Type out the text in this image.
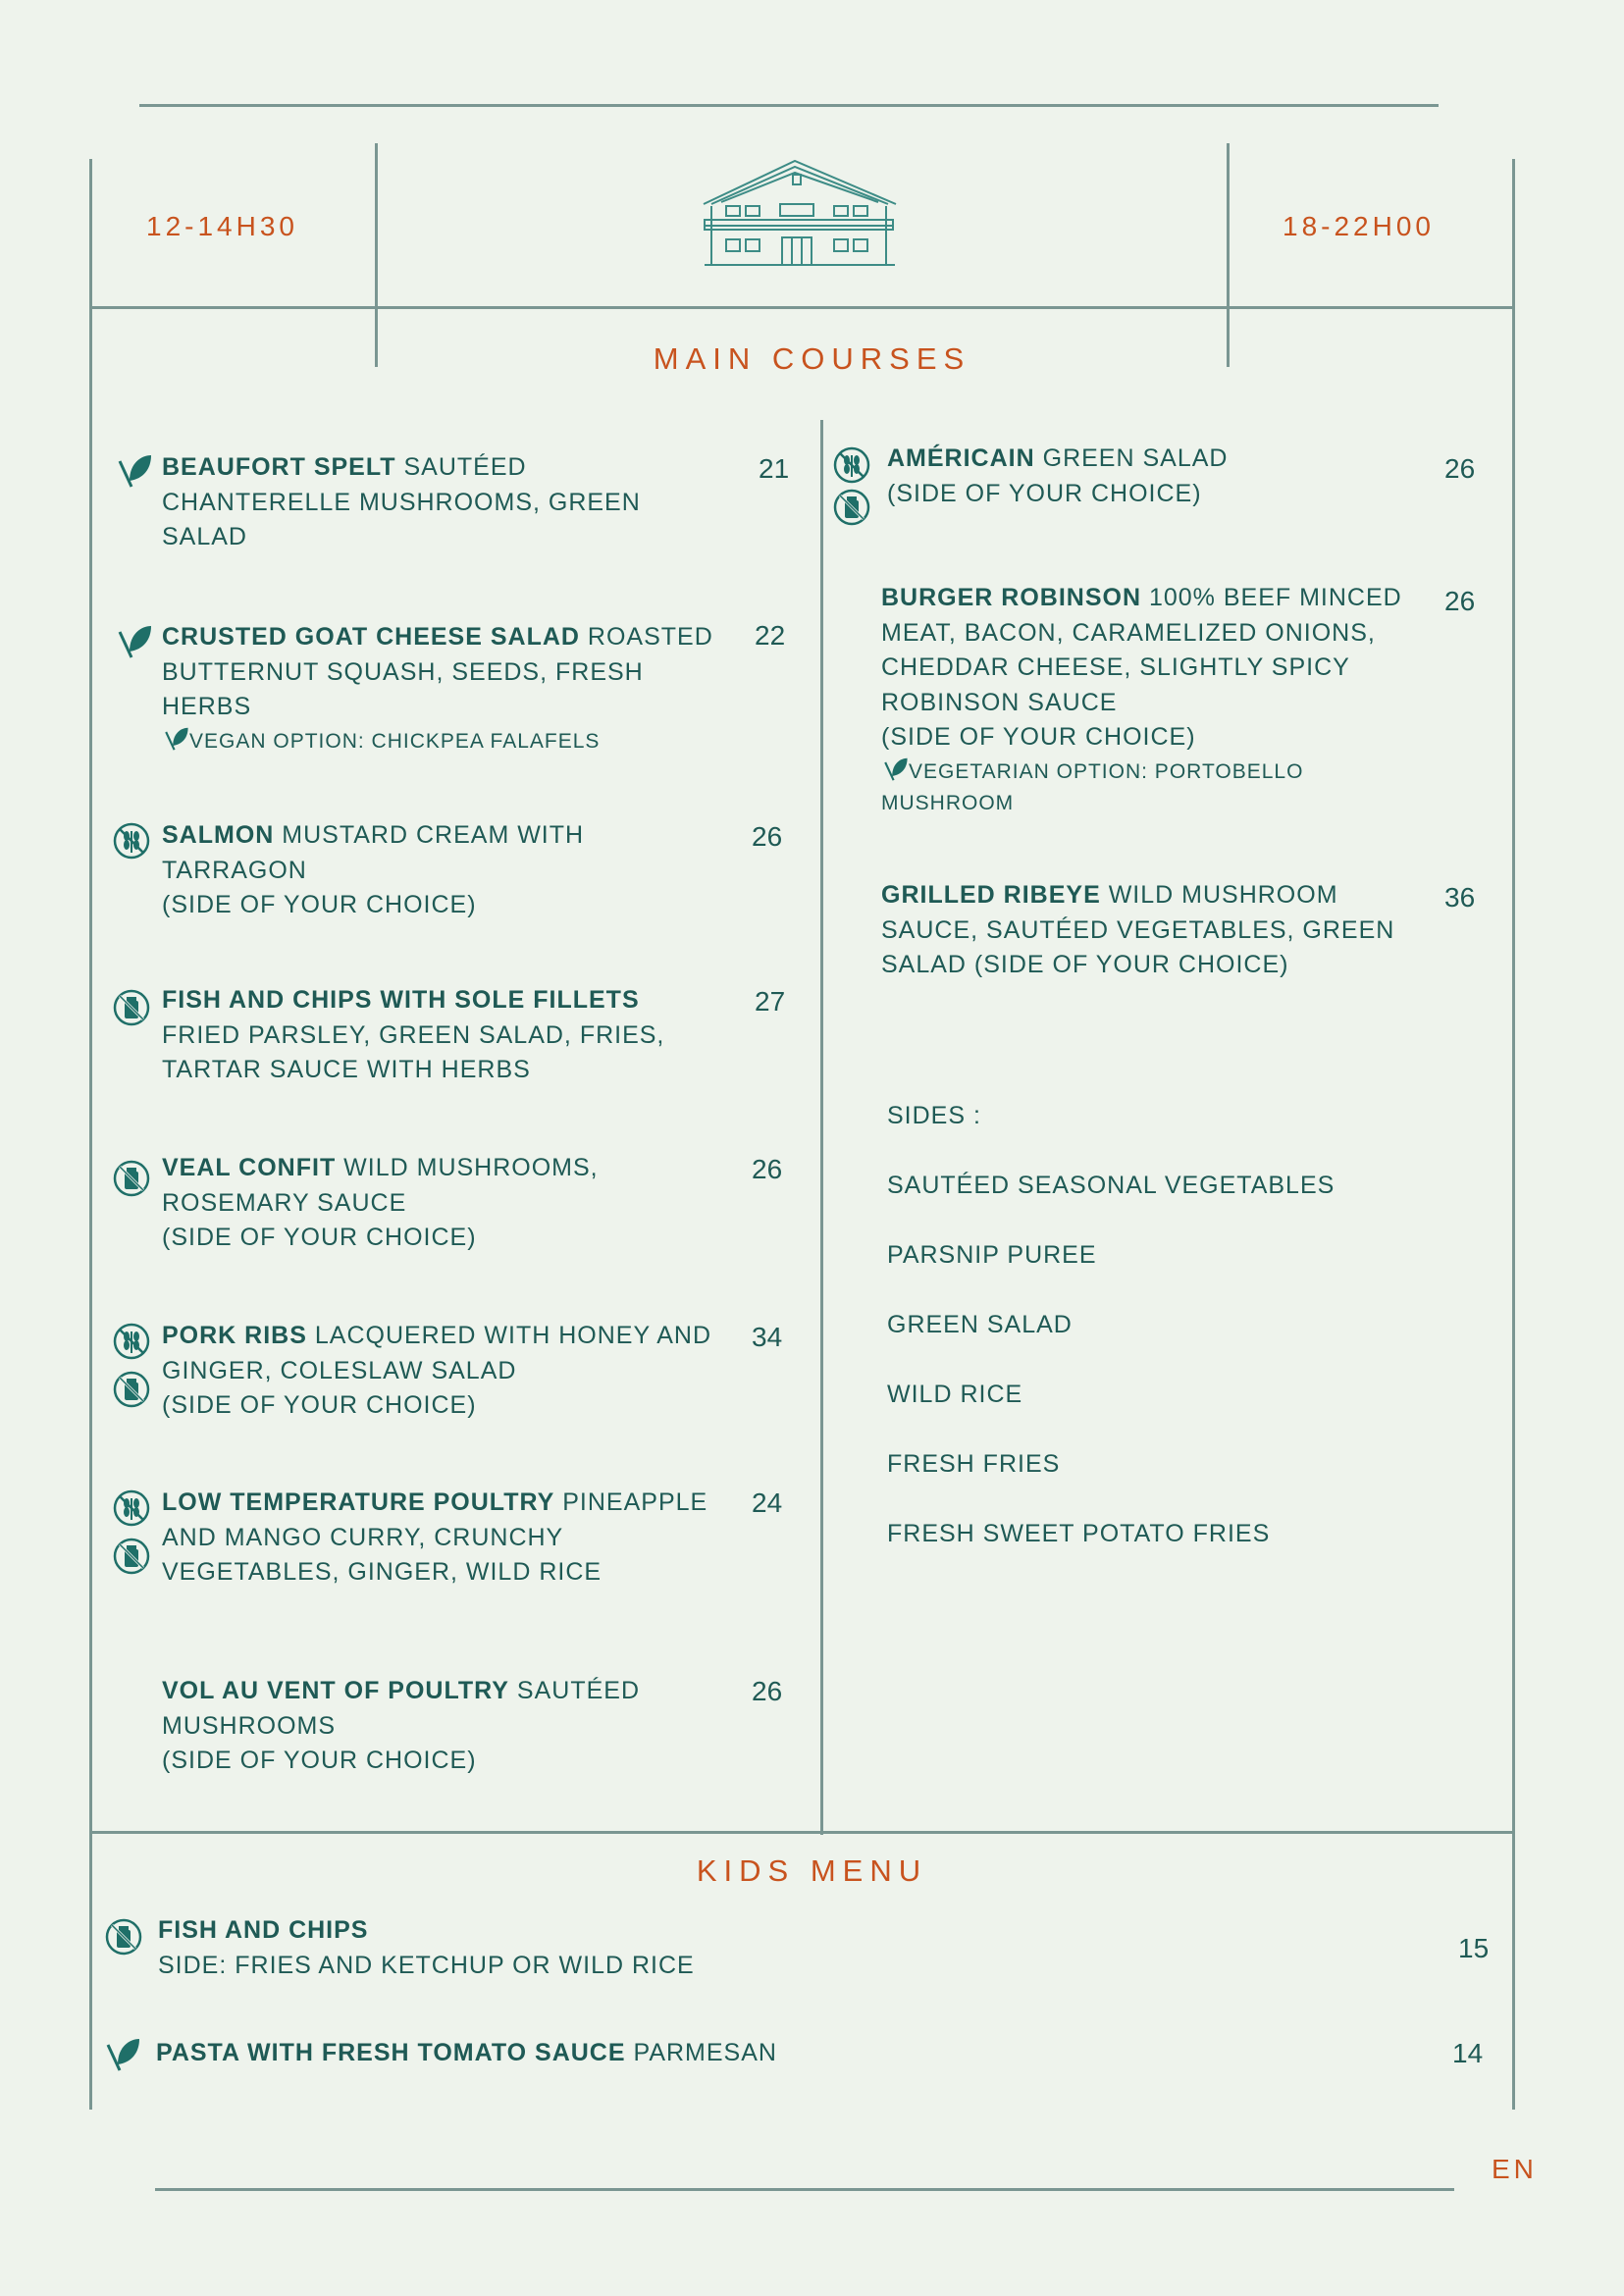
12-14H30	18-22H00
MAIN COURSES
BEAUFORT SPELT SAUTÉED CHANTERELLE MUSHROOMS, GREEN SALAD
21
CRUSTED GOAT CHEESE SALAD ROASTED BUTTERNUT SQUASH, SEEDS, FRESH HERBS
VEGAN OPTION: CHICKPEA FALAFELS
22
SALMON MUSTARD CREAM WITH TARRAGON
(SIDE OF YOUR CHOICE)
26
FISH AND CHIPS WITH SOLE FILLETS FRIED PARSLEY, GREEN SALAD, FRIES, TARTAR SAUCE WITH HERBS
27
VEAL CONFIT WILD MUSHROOMS, ROSEMARY SAUCE
(SIDE OF YOUR CHOICE)
26
PORK RIBS LACQUERED WITH HONEY AND GINGER, COLESLAW SALAD
(SIDE OF YOUR CHOICE)
34
LOW TEMPERATURE POULTRY PINEAPPLE AND MANGO CURRY, CRUNCHY VEGETABLES, GINGER, WILD RICE
24
VOL AU VENT OF POULTRY SAUTÉED MUSHROOMS
(SIDE OF YOUR CHOICE)
26
AMÉRICAIN GREEN SALAD
(SIDE OF YOUR CHOICE)
26
BURGER ROBINSON 100% BEEF MINCED MEAT, BACON, CARAMELIZED ONIONS, CHEDDAR CHEESE, SLIGHTLY SPICY ROBINSON SAUCE
(SIDE OF YOUR CHOICE)
VEGETARIAN OPTION: PORTOBELLO MUSHROOM
26
GRILLED RIBEYE WILD MUSHROOM SAUCE, SAUTÉED VEGETABLES, GREEN SALAD (SIDE OF YOUR CHOICE)
36
SIDES :
SAUTÉED SEASONAL VEGETABLES
PARSNIP PUREE
GREEN SALAD
WILD RICE
FRESH FRIES
FRESH SWEET POTATO FRIES
KIDS MENU
FISH AND CHIPS
SIDE: FRIES AND KETCHUP OR WILD RICE
15
PASTA WITH FRESH TOMATO SAUCE PARMESAN	14
EN
